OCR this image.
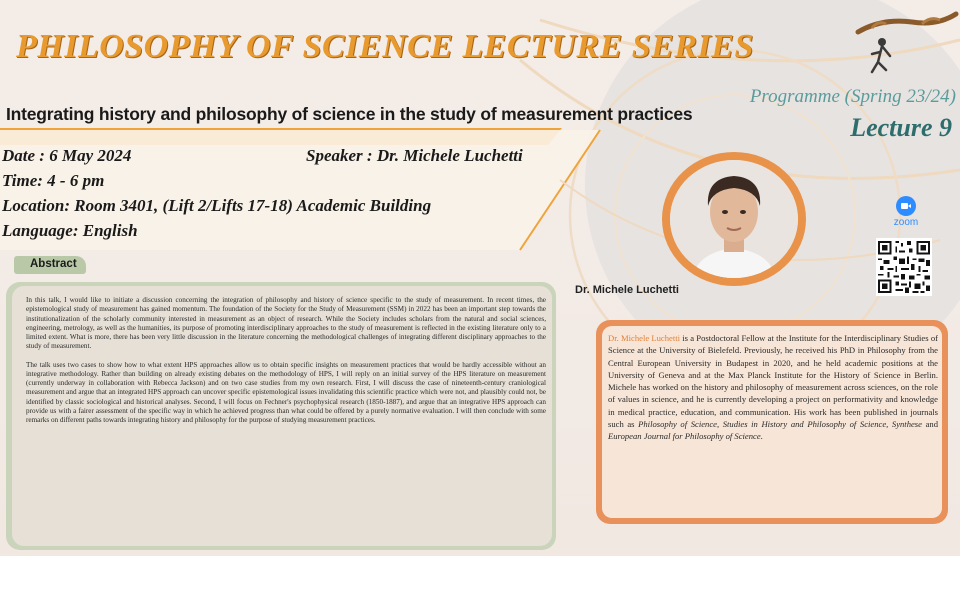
PHILOSOPHY OF SCIENCE LECTURE SERIES
Programme (Spring 23/24)
Lecture 9
Integrating history and philosophy of science in the study of measurement practices
Date : 6 May 2024	Speaker : Dr. Michele Luchetti
Time: 4 - 6 pm
Location: Room 3401, (Lift 2/Lifts 17-18) Academic Building
Language: English
Dr. Michele Luchetti
zoom
Abstract

In this talk, I would like to initiate a discussion concerning the integration of philosophy and history of science specific to the study of measurement. In recent times, the epistemological study of measurement has gained momentum. The foundation of the Society for the Study of Measurement (SSM) in 2022 has been an important step towards the institutionalization of the scholarly community interested in measurement as an object of research. While the Society includes scholars from the natural and social sciences, engineering, metrology, as well as the humanities, its purpose of promoting interdisciplinary approaches to the study of measurement is reflected in the existing literature only to a limited extent. What is more, there has been very little discussion in the literature concerning the methodological challenges of integrating different disciplinary approaches to the study of measurement.

The talk uses two cases to show how to what extent HPS approaches allow us to obtain specific insights on measurement practices that would be hardly accessible without an integrative methodology. Rather than building on already existing debates on the methodology of HPS, I will reply on an initial survey of the HPS literature on measurement (currently underway in collaboration with Rebecca Jackson) and on two case studies from my own research. First, I will discuss the case of nineteenth-century craniological measurement and argue that an integrated HPS approach can uncover specific epistemological issues invalidating this scientific practice which were not, and plausibly could not, be identified by classic sociological and historical analyses. Second, I will focus on Fechner's psychophysical research (1850-1887), and argue that an integrative HPS approach can provide us with a fairer assessment of the specific way in which he achieved progress than what could be offered by a purely normative evaluation. I will then conclude with some remarks on different paths towards integrating history and philosophy for the purpose of studying measurement practices.

Dr. Michele Luchetti is a Postdoctoral Fellow at the Institute for the Interdisciplinary Studies of Science at the University of Bielefeld. Previously, he received his PhD in Philosophy from the Central European University in Budapest in 2020, and he held academic positions at the University of Geneva and at the Max Planck Institute for the History of Science in Berlin. Michele has worked on the history and philosophy of measurement across sciences, on the role of values in science, and he is currently developing a project on performativity and knowledge in medical practice, education, and communication. His work has been published in journals such as Philosophy of Science, Studies in History and Philosophy of Science, Synthese and European Journal for Philosophy of Science.
